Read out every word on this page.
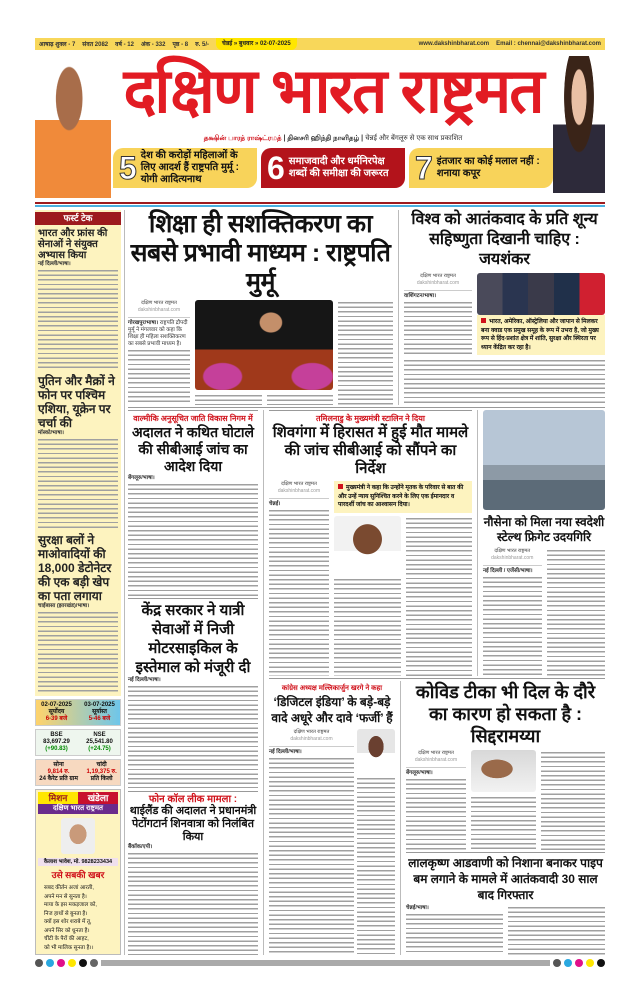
आषाढ़ शुक्ल - 7 संवत 2082 वर्ष - 12 अंक - 332 पृष्ठ - 8 रु. 5/-	चेन्नई » बुधवार » 02-07-2025	www.dakshinbharat.com Email : chennai@dakshinbharat.com
दक्षिण भारत राष्ट्रमत
தக்ஷின் பாரத் ராஷ்ட்ரமத் | தினசரி ஹிந்தி நாளிதழ் | चेन्नई और बेंगलूरु से एक साथ प्रकाशित
5 देश की करोड़ों महिलाओं के लिए आदर्श हैं राष्ट्रपति मुर्मू : योगी आदित्यनाथ	6 समाजवादी और धर्मनिरपेक्ष शब्दों की समीक्षा की जरूरत 7 इंतजार का कोई मलाल नहीं : शनाया कपूर
फर्स्ट टेक
भारत और फ्रांस की सेनाओं ने संयुक्त अभ्यास किया
नई दिल्ली/भाषा।
पुतिन और मैक्रों ने फोन पर पश्चिम एशिया, यूक्रेन पर चर्चा की
मॉस्को/भाषा।
सुरक्षा बलों ने माओवादियों की 18,000 डेटोनेटर की एक बड़ी खेप का पता लगाया
चाईबासा (झारखंड)/भाषा।
02-07-2025
सूर्योदय
6-39 बजे
03-07-2025
सूर्यास्त
5-46 बजे
BSE
83,697.29
(+90.83)
NSE
25,541.80
(+24.75)
सोना
9,814 रु.
24 कैरेट प्रति ग्राम
चांदी
1,19,375 रु.
प्रति किलो
मिशन	खंडेला
दक्षिण भारत राष्ट्रमत
कैलाश भावेश, मो. 9828233434
उसे सबकी खबर
सबद कीर्तन अजां आरती,
अपने मन से सुनता है।
माया के इस मकड़जाल को,
निज हाथों से बुनता है।
क्यों इस शोर शराबे में तू,
अपने सिर को धुनता है।
चींटी के पैरों की आहट,
को भी मालिक सुनता है।।
शिक्षा ही सशक्तिकरण का सबसे प्रभावी माध्यम : राष्ट्रपति मुर्मू
दक्षिण भारत राष्ट्रमत
dakshinbharat.com
गोरखपुर/भाषा। राष्ट्रपति द्रौपदी मुर्मू ने मंगलवार को कहा कि शिक्षा ही महिला सशक्तिकरण का सबसे प्रभावी माध्यम है।
विश्व को आतंकवाद के प्रति शून्य सहिष्णुता दिखानी चाहिए : जयशंकर
दक्षिण भारत राष्ट्रमत
dakshinbharat.com
वाशिंगटन/भाषा।
भारत, अमेरिका, ऑस्ट्रेलिया और जापान से मिलकर बना क्वाड एक प्रमुख समूह के रूप में उभरा है, जो मुख्य रूप से हिंद-प्रशांत क्षेत्र में शांति, सुरक्षा और स्थिरता पर ध्यान केंद्रित कर रहा है।
वाल्मीकि अनुसूचित जाति विकास निगम में
अदालत ने कथित घोटाले की सीबीआई जांच का आदेश दिया
बेंगलूरु/भाषा।
केंद्र सरकार ने यात्री सेवाओं में निजी मोटरसाइकिल के इस्तेमाल को मंजूरी दी
नई दिल्ली/भाषा।
फोन कॉल लीक मामला :
थाईलैंड की अदालत ने प्रधानमंत्री पेटोंगटार्न शिनवात्रा को निलंबित किया
बैंकॉक/एपी।
तमिलनाडु के मुख्यमंत्री स्टालिन ने दिया
शिवगंगा में हिरासत में हुई मौत मामले की जांच सीबीआई को सौंपने का निर्देश
दक्षिण भारत राष्ट्रमत
dakshinbharat.com
चेन्नई।
मुख्यमंत्री ने कहा कि उन्होंने मृतक के परिवार से बात की और उन्हें न्याय सुनिश्चित करने के लिए एक ईमानदार व पारदर्शी जांच का आश्वासन दिया।
नौसेना को मिला नया स्वदेशी स्टेल्थ फ्रिगेट उदयगिरि
दक्षिण भारत राष्ट्रमत
dakshinbharat.com
नई दिल्ली / एजेंसी/भाषा।
कांग्रेस अध्यक्ष मल्लिकार्जुन खरगे ने कहा
‘डिजिटल इंडिया’ के बड़े-बड़े वादे अधूरे और दावे ‘फर्जी’ हैं
दक्षिण भारत राष्ट्रमत
dakshinbharat.com
नई दिल्ली/भाषा।
कोविड टीका भी दिल के दौरे का कारण हो सकता है : सिद्दरामय्या
दक्षिण भारत राष्ट्रमत
dakshinbharat.com
बेंगलूरु/भाषा।
लालकृष्ण आडवाणी को निशाना बनाकर पाइप बम लगाने के मामले में आतंकवादी 30 साल बाद गिरफ्तार
चेन्नई/भाषा।
